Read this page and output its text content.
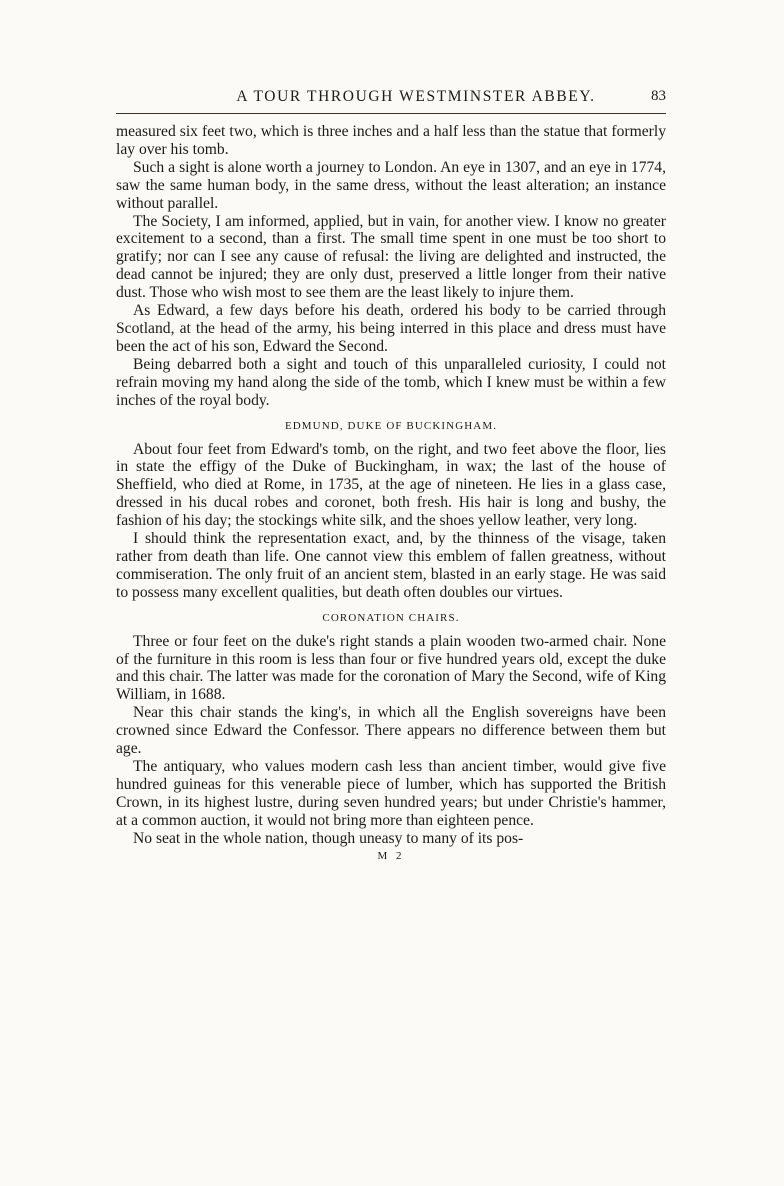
A TOUR THROUGH WESTMINSTER ABBEY.	83

measured six feet two, which is three inches and a half less than the statue that formerly lay over his tomb.

Such a sight is alone worth a journey to London. An eye in 1307, and an eye in 1774, saw the same human body, in the same dress, without the least alteration; an instance without parallel.

The Society, I am informed, applied, but in vain, for another view. I know no greater excitement to a second, than a first. The small time spent in one must be too short to gratify; nor can I see any cause of refusal: the living are delighted and instructed, the dead cannot be injured; they are only dust, preserved a little longer from their native dust. Those who wish most to see them are the least likely to injure them.

As Edward, a few days before his death, ordered his body to be carried through Scotland, at the head of the army, his being interred in this place and dress must have been the act of his son, Edward the Second.

Being debarred both a sight and touch of this unparalleled curiosity, I could not refrain moving my hand along the side of the tomb, which I knew must be within a few inches of the royal body.

EDMUND, DUKE OF BUCKINGHAM.

About four feet from Edward's tomb, on the right, and two feet above the floor, lies in state the effigy of the Duke of Buckingham, in wax; the last of the house of Sheffield, who died at Rome, in 1735, at the age of nineteen. He lies in a glass case, dressed in his ducal robes and coronet, both fresh. His hair is long and bushy, the fashion of his day; the stockings white silk, and the shoes yellow leather, very long.

I should think the representation exact, and, by the thinness of the visage, taken rather from death than life. One cannot view this emblem of fallen greatness, without commiseration. The only fruit of an ancient stem, blasted in an early stage. He was said to possess many excellent qualities, but death often doubles our virtues.

CORONATION CHAIRS.

Three or four feet on the duke's right stands a plain wooden two-armed chair. None of the furniture in this room is less than four or five hundred years old, except the duke and this chair. The latter was made for the coronation of Mary the Second, wife of King William, in 1688.

Near this chair stands the king's, in which all the English sovereigns have been crowned since Edward the Confessor. There appears no difference between them but age.

The antiquary, who values modern cash less than ancient timber, would give five hundred guineas for this venerable piece of lumber, which has supported the British Crown, in its highest lustre, during seven hundred years; but under Christie's hammer, at a common auction, it would not bring more than eighteen pence.

No seat in the whole nation, though uneasy to many of its pos-

M 2
